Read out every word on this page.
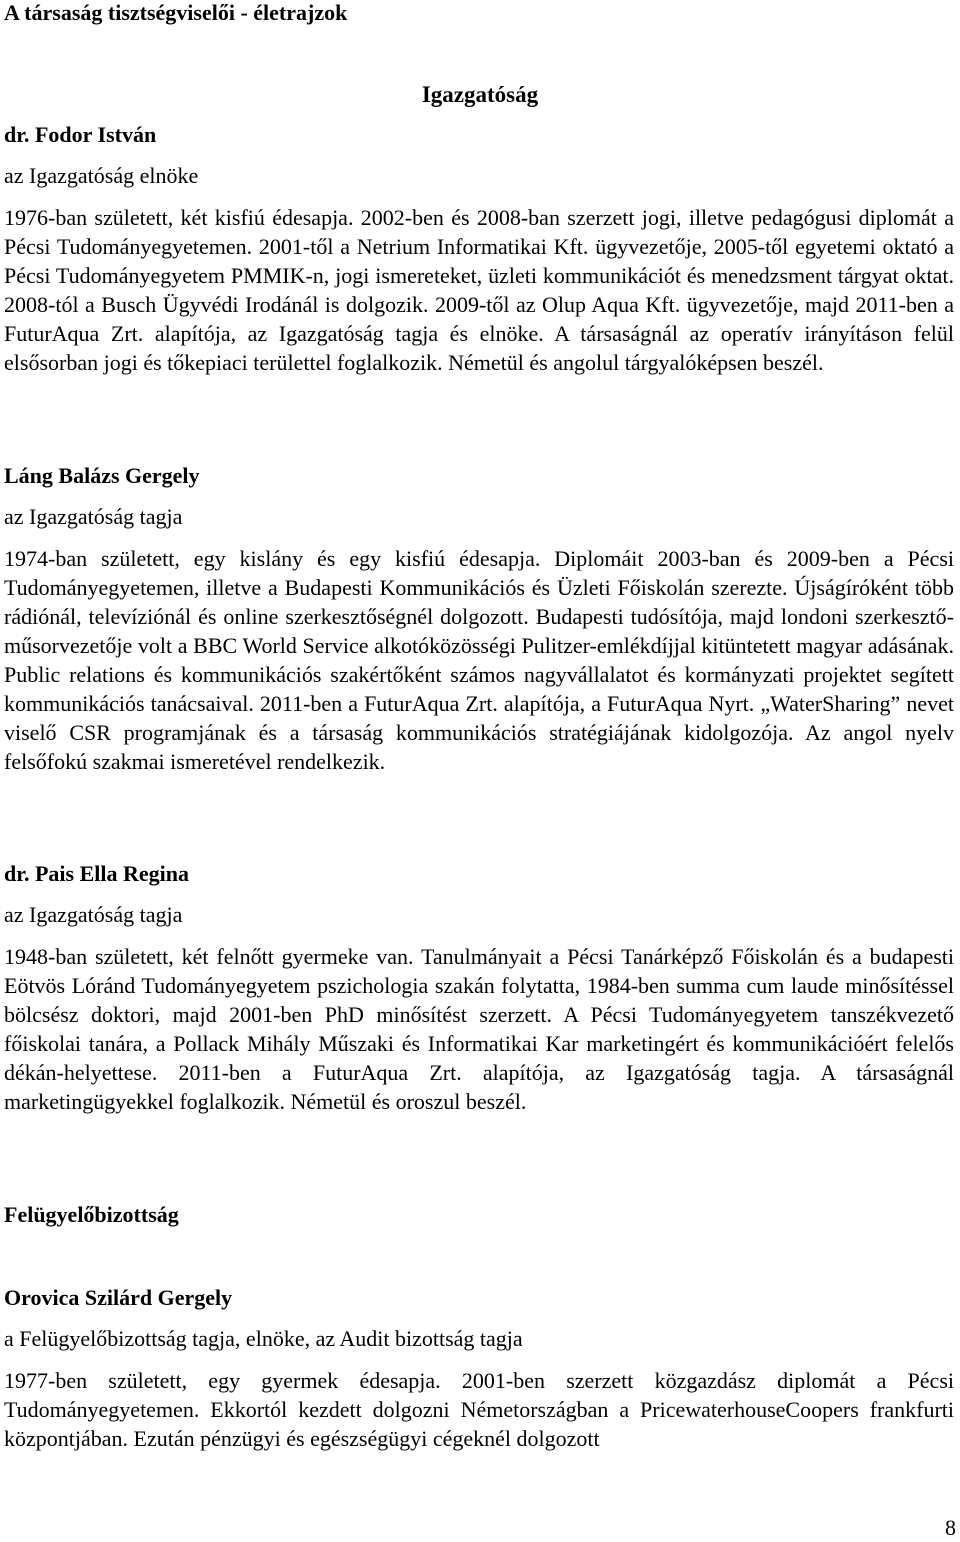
A társaság tisztségviselői - életrajzok

Igazgatóság

dr. Fodor István

az Igazgatóság elnöke

1976-ban született, két kisfiú édesapja. 2002-ben és 2008-ban szerzett jogi, illetve pedagógusi diplomát a Pécsi Tudományegyetemen. 2001-től a Netrium Informatikai Kft. ügyvezetője, 2005-től egyetemi oktató a Pécsi Tudományegyetem PMMIK-n, jogi ismereteket, üzleti kommunikációt és menedzsment tárgyat oktat. 2008-tól a Busch Ügyvédi Irodánál is dolgozik. 2009-től az Olup Aqua Kft. ügyvezetője, majd 2011-ben a FuturAqua Zrt. alapítója, az Igazgatóság tagja és elnöke. A társaságnál az operatív irányításon felül elsősorban jogi és tőkepiaci területtel foglalkozik. Németül és angolul tárgyalóképsen beszél.

Láng Balázs Gergely

az Igazgatóság tagja

1974-ban született, egy kislány és egy kisfiú édesapja. Diplomáit 2003-ban és 2009-ben a Pécsi Tudományegyetemen, illetve a Budapesti Kommunikációs és Üzleti Főiskolán szerezte. Újságíróként több rádiónál, televíziónál és online szerkesztőségnél dolgozott. Budapesti tudósítója, majd londoni szerkesztő-műsorvezetője volt a BBC World Service alkotóközösségi Pulitzer-emlékdíjjal kitüntetett magyar adásának. Public relations és kommunikációs szakértőként számos nagyvállalatot és kormányzati projektet segített kommunikációs tanácsaival. 2011-ben a FuturAqua Zrt. alapítója, a FuturAqua Nyrt. „WaterSharing” nevet viselő CSR programjának és a társaság kommunikációs stratégiájának kidolgozója. Az angol nyelv felsőfokú szakmai ismeretével rendelkezik.

dr. Pais Ella Regina

az Igazgatóság tagja

1948-ban született, két felnőtt gyermeke van. Tanulmányait a Pécsi Tanárképző Főiskolán és a budapesti Eötvös Lóránd Tudományegyetem pszichologia szakán folytatta, 1984-ben summa cum laude minősítéssel bölcsész doktori, majd 2001-ben PhD minősítést szerzett. A Pécsi Tudományegyetem tanszékvezető főiskolai tanára, a Pollack Mihály Műszaki és Informatikai Kar marketingért és kommunikációért felelős dékán-helyettese. 2011-ben a FuturAqua Zrt. alapítója, az Igazgatóság tagja. A társaságnál marketingügyekkel foglalkozik. Németül és oroszul beszél.

Felügyelőbizottság

Orovica Szilárd Gergely

a Felügyelőbizottság tagja, elnöke, az Audit bizottság tagja

1977-ben született, egy gyermek édesapja. 2001-ben szerzett közgazdász diplomát a Pécsi Tudományegyetemen. Ekkortól kezdett dolgozni Németországban a PricewaterhouseCoopers frankfurti központjában. Ezután pénzügyi és egészségügyi cégeknél dolgozott

8
